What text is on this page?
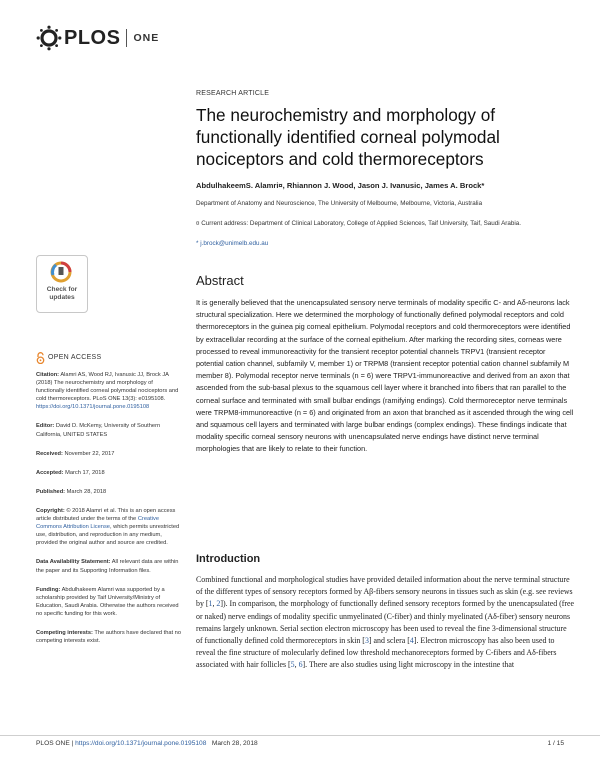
PLOS ONE
RESEARCH ARTICLE
The neurochemistry and morphology of functionally identified corneal polymodal nociceptors and cold thermoreceptors
AbdulhakeemS. Alamri¤, Rhiannon J. Wood, Jason J. Ivanusic, James A. Brock*
Department of Anatomy and Neuroscience, The University of Melbourne, Melbourne, Victoria, Australia
¤ Current address: Department of Clinical Laboratory, College of Applied Sciences, Taif University, Taif, Saudi Arabia.
* j.brock@unimelb.edu.au
Check for
updates
OPEN ACCESS
Citation: Alamri AS, Wood RJ, Ivanusic JJ, Brock JA (2018) The neurochemistry and morphology of functionally identified corneal polymodal nociceptors and cold thermoreceptors. PLoS ONE 13(3): e0195108. https://doi.org/10.1371/journal.pone.0195108
Editor: David D. McKemy, University of Southern California, UNITED STATES
Received: November 22, 2017
Accepted: March 17, 2018
Published: March 28, 2018
Copyright: © 2018 Alamri et al. This is an open access article distributed under the terms of the Creative Commons Attribution License, which permits unrestricted use, distribution, and reproduction in any medium, provided the original author and source are credited.
Data Availability Statement: All relevant data are within the paper and its Supporting Information files.
Funding: Abdulhakeem Alamri was supported by a scholarship provided by Taif University/Ministry of Education, Saudi Arabia. Otherwise the authors received no specific funding for this work.
Competing interests: The authors have declared that no competing interests exist.
Abstract

It is generally believed that the unencapsulated sensory nerve terminals of modality specific C- and Aδ-neurons lack structural specialization. Here we determined the morphology of functionally defined polymodal receptors and cold thermoreceptors in the guinea pig corneal epithelium. Polymodal receptors and cold thermoreceptors were identified by extracellular recording at the surface of the corneal epithelium. After marking the recording sites, corneas were processed to reveal immunoreactivity for the transient receptor potential channels TRPV1 (transient receptor potential cation channel, subfamily V, member 1) or TRPM8 (transient receptor potential cation channel subfamily M member 8). Polymodal receptor nerve terminals (n = 6) were TRPV1-immunoreactive and derived from an axon that ascended from the sub-basal plexus to the squamous cell layer where it branched into fibers that ran parallel to the corneal surface and terminated with small bulbar endings (ramifying endings). Cold thermoreceptor nerve terminals were TRPM8-immunoreactive (n = 6) and originated from an axon that branched as it ascended through the wing cell and squamous cell layers and terminated with large bulbar endings (complex endings). These findings indicate that modality specific corneal sensory neurons with unencapsulated nerve endings have distinct nerve terminal morphologies that are likely to relate to their function.

Introduction

Combined functional and morphological studies have provided detailed information about the nerve terminal structure of the different types of sensory receptors formed by Aβ-fibers sensory neurons in tissues such as skin (e.g. see reviews by [1, 2]). In comparison, the morphology of functionally defined sensory receptors formed by the unencapsulated (free or naked) nerve endings of modality specific unmyelinated (C-fiber) and thinly myelinated (Aδ-fiber) sensory neurons remains largely unknown. Serial section electron microscopy has been used to reveal the fine 3-dimensional structure of functionally defined cold thermoreceptors in skin [3] and sclera [4]. Electron microscopy has also been used to reveal the fine structure of molecularly defined low threshold mechanoreceptors formed by C-fibers and Aδ-fibers associated with hair follicles [5, 6]. There are also studies using light microscopy in the intestine that

PLOS ONE | https://doi.org/10.1371/journal.pone.0195108 March 28, 2018	1 / 15
